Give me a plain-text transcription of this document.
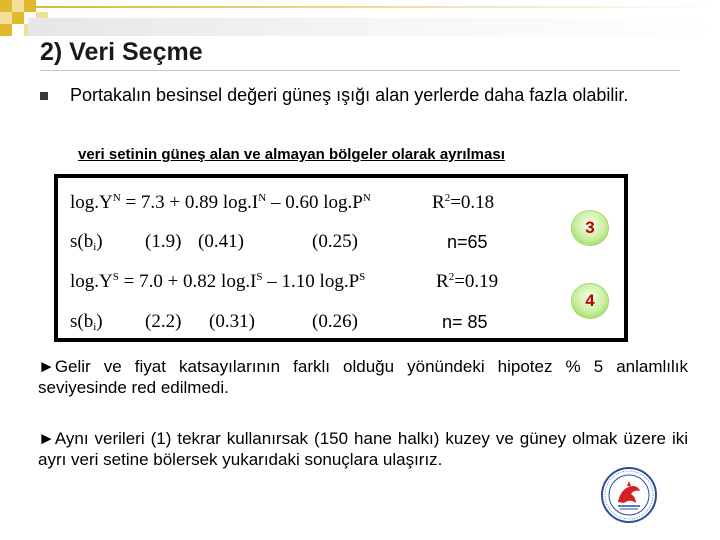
2) Veri Seçme
Portakalın besinsel değeri güneş ışığı alan yerlerde daha fazla olabilir.
veri setinin güneş alan ve almayan bölgeler olarak ayrılması
$\log.Y^N = 7.3 + 0.89$ $\log.I^N - 0.60$ $\log.P^N$	$R^2=0.18$
$s(b_i)$ (1.9) (0.41)	(0.25)	n=65
$\log.Y^S = 7.0 + 0.82$ $\log.I^S - 1.10$ $\log.P^S$	$R^2=0.19$
$s(b_i)$ (2.2) (0.31)	(0.26)	n= 85
3
4
►Gelir ve fiyat katsayılarının farklı olduğu yönündeki hipotez % 5 anlamlılık seviyesinde red edilmedi.
►Aynı verileri (1) tekrar kullanırsak (150 hane halkı) kuzey ve güney olmak üzere iki ayrı veri setine bölersek yukarıdaki sonuçlara ulaşırız.
